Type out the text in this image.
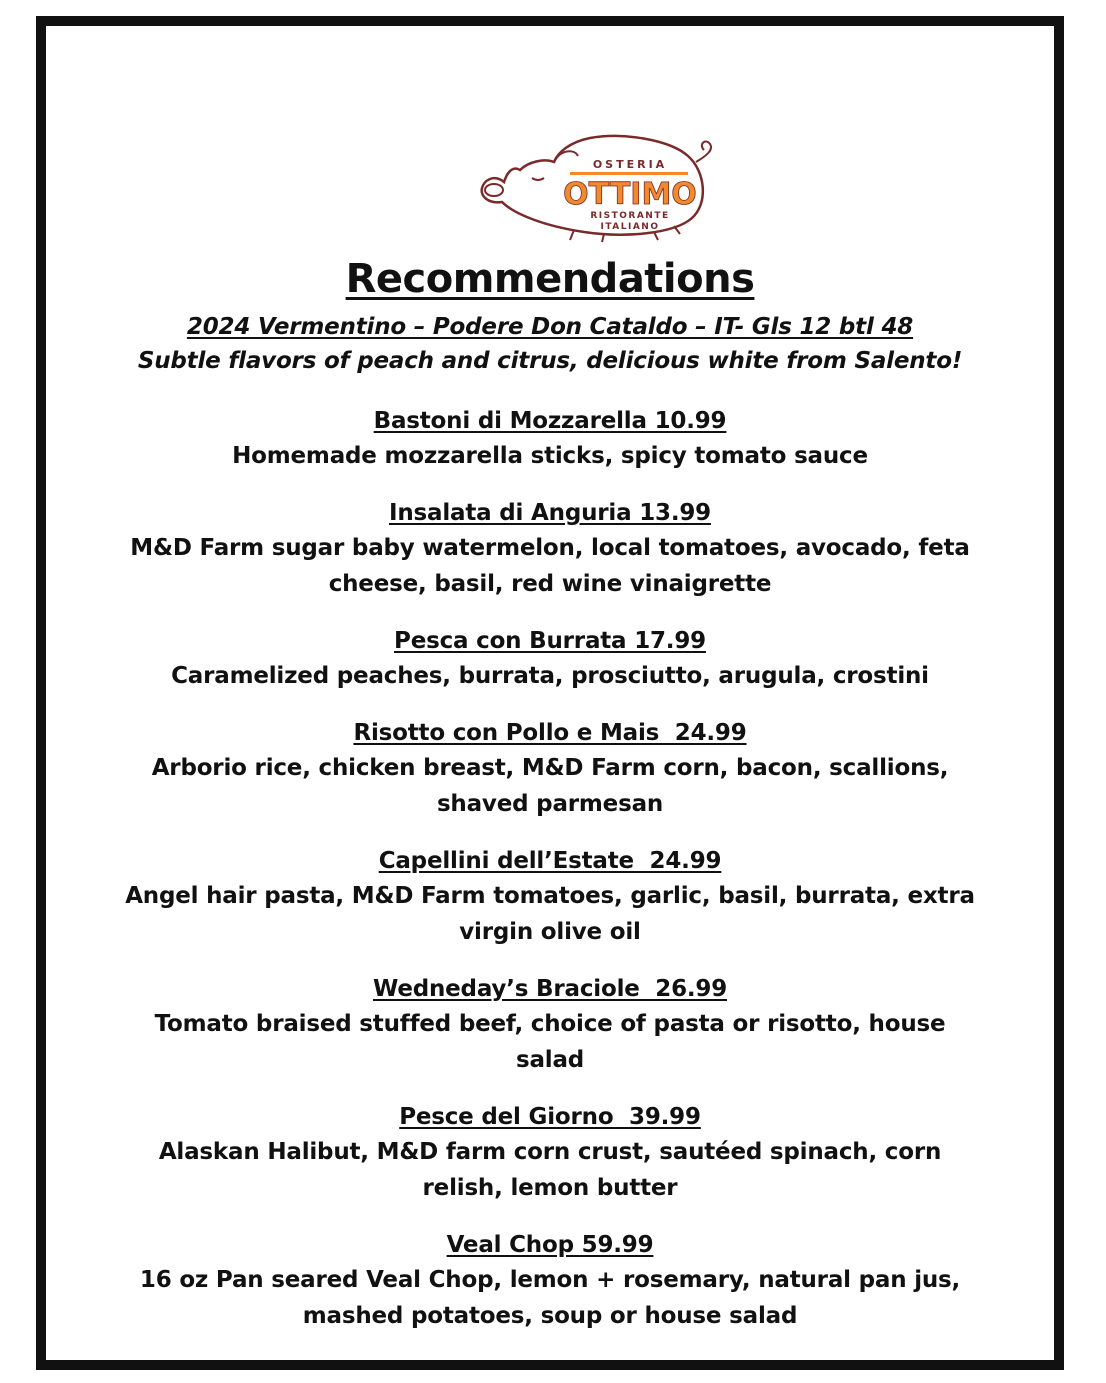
OSTERIA
OTTIMO
RISTORANTE
ITALIANO
Recommendations
2024 Vermentino – Podere Don Cataldo – IT- Gls 12 btl 48
Subtle flavors of peach and citrus, delicious white from Salento!
Bastoni di Mozzarella 10.99
Homemade mozzarella sticks, spicy tomato sauce
Insalata di Anguria 13.99
M&D Farm sugar baby watermelon, local tomatoes, avocado, feta cheese, basil, red wine vinaigrette
Pesca con Burrata 17.99
Caramelized peaches, burrata, prosciutto, arugula, crostini
Risotto con Pollo e Mais  24.99
Arborio rice, chicken breast, M&D Farm corn, bacon, scallions, shaved parmesan
Capellini dell’Estate  24.99
Angel hair pasta, M&D Farm tomatoes, garlic, basil, burrata, extra virgin olive oil
Wedneday’s Braciole  26.99
Tomato braised stuffed beef, choice of pasta or risotto, house salad
Pesce del Giorno  39.99
Alaskan Halibut, M&D farm corn crust, sautéed spinach, corn relish, lemon butter
Veal Chop 59.99
16 oz Pan seared Veal Chop, lemon + rosemary, natural pan jus, mashed potatoes, soup or house salad
